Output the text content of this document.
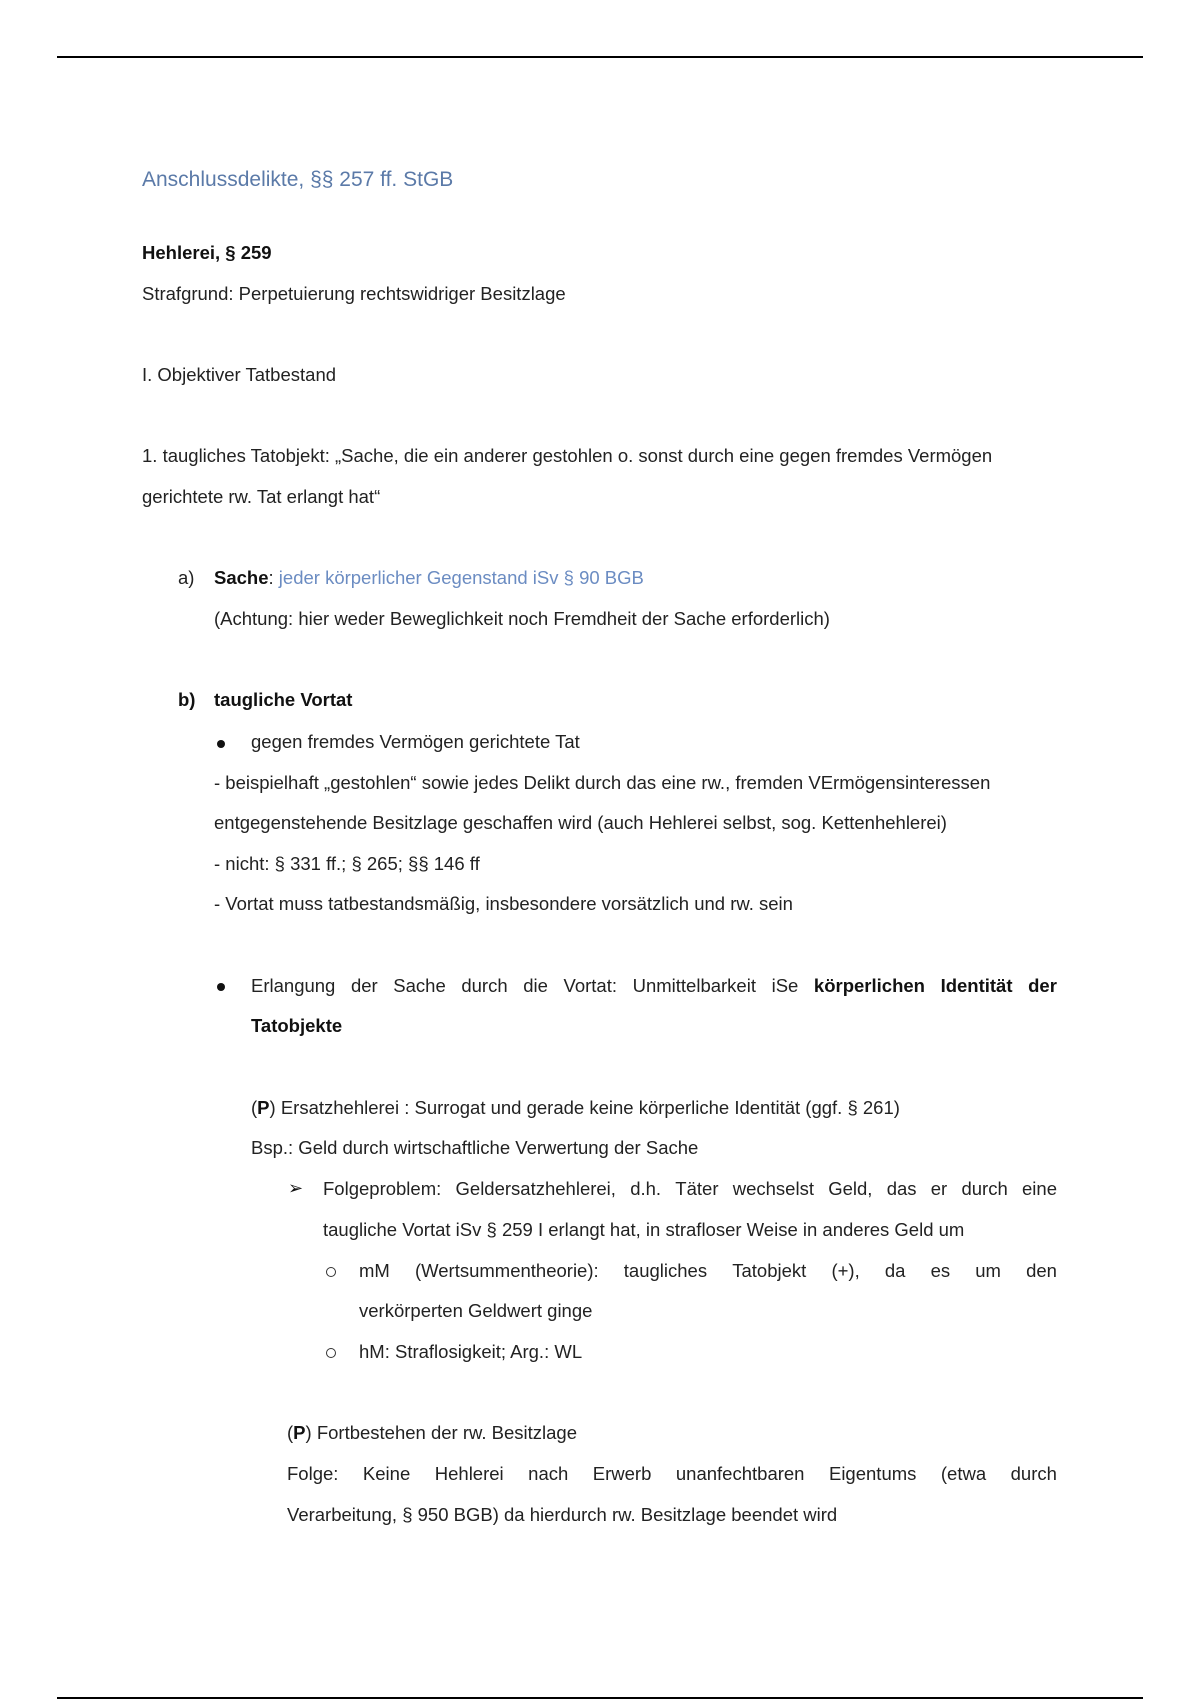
Anschlussdelikte, §§ 257 ff. StGB
Hehlerei, § 259
Strafgrund: Perpetuierung rechtswidriger Besitzlage
I. Objektiver Tatbestand
1. taugliches Tatobjekt: „Sache, die ein anderer gestohlen o. sonst durch eine gegen fremdes Vermögen
gerichtete rw. Tat erlangt hat“
a) Sache: jeder körperlicher Gegenstand iSv § 90 BGB
(Achtung: hier weder Beweglichkeit noch Fremdheit der Sache erforderlich)
b) taugliche Vortat
gegen fremdes Vermögen gerichtete Tat
- beispielhaft „gestohlen“ sowie jedes Delikt durch das eine rw., fremden VErmögensinteressen
entgegenstehende Besitzlage geschaffen wird (auch Hehlerei selbst, sog. Kettenhehlerei)
- nicht: § 331 ff.; § 265; §§ 146 ff
- Vortat muss tatbestandsmäßig, insbesondere vorsätzlich und rw. sein
Erlangung der Sache durch die Vortat: Unmittelbarkeit iSe körperlichen Identität der
Tatobjekte
(P) Ersatzhehlerei : Surrogat und gerade keine körperliche Identität (ggf. § 261)
Bsp.: Geld durch wirtschaftliche Verwertung der Sache
➢ Folgeproblem: Geldersatzhehlerei, d.h. Täter wechselst Geld, das er durch eine
taugliche Vortat iSv § 259 I erlangt hat, in strafloser Weise in anderes Geld um
mM (Wertsummentheorie): taugliches Tatobjekt (+), da es um den
verkörperten Geldwert ginge
hM: Straflosigkeit; Arg.: WL
(P) Fortbestehen der rw. Besitzlage
Folge: Keine Hehlerei nach Erwerb unanfechtbaren Eigentums (etwa durch
Verarbeitung, § 950 BGB) da hierdurch rw. Besitzlage beendet wird
